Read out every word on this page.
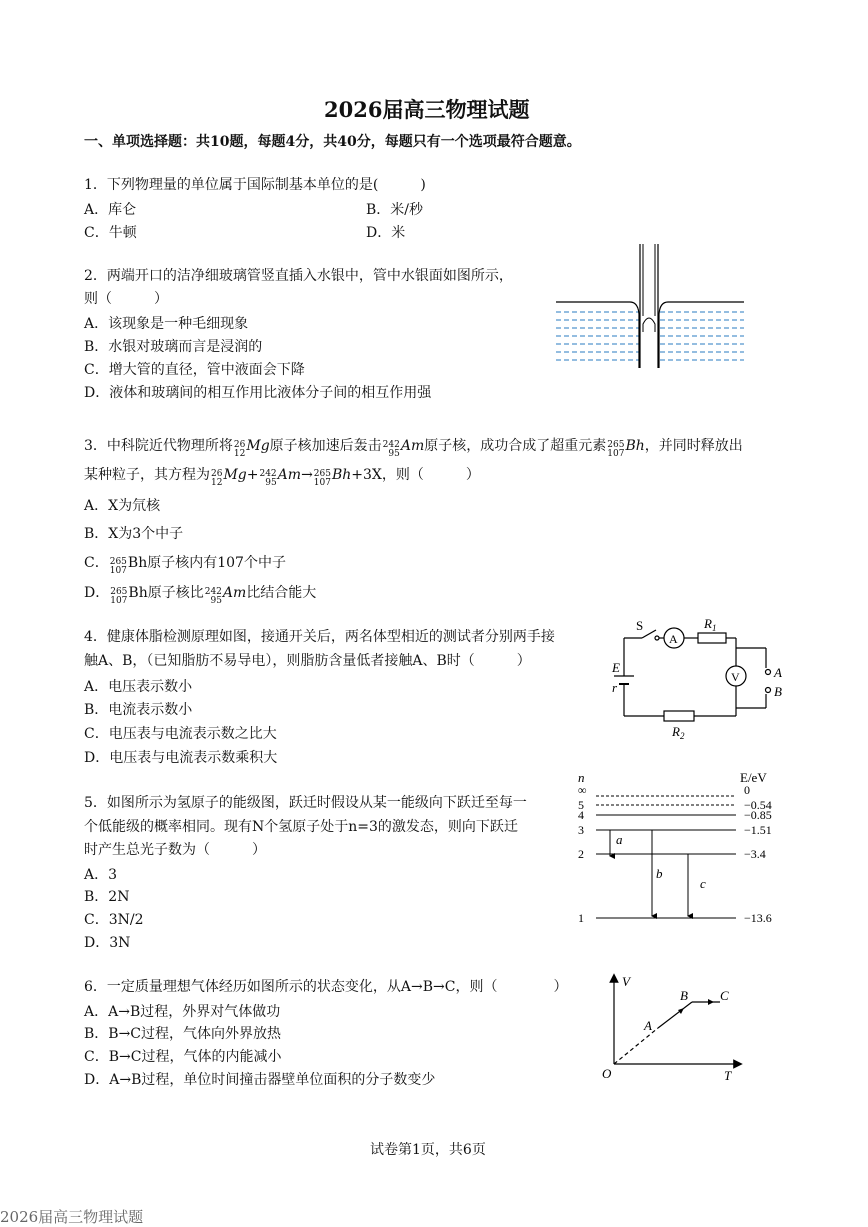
2026届高三物理试题
一、单项选择题：共10题，每题4分，共40分，每题只有一个选项最符合题意。
1．下列物理量的单位属于国际制基本单位的是(　　　)
A．库仑	B．米/秒
C．牛顿	D．米
2．两端开口的洁净细玻璃管竖直插入水银中，管中水银面如图所示，
则（　　　）
A．该现象是一种毛细现象
B．水银对玻璃而言是浸润的
C．增大管的直径，管中液面会下降
D．液体和玻璃间的相互作用比液体分子间的相互作用强
3．中科院近代物理所将 26
12 Mg原子核加速后轰击 242
95 Am原子核，成功合成了超重元素 265
107 Bh，并同时释放出
某种粒子，其方程为 26
12 Mg+ 242
95 Am→ 265
107 Bh+3X，则（　　　）
A．X为氘核
B．X为3个中子
C． 265
107 Bh原子核内有107个中子
D． 265
107 Bh原子核比 242
95 Am比结合能大
4．健康体脂检测原理如图，接通开关后，两名体型相近的测试者分别两手接
触A、B，（已知脂肪不易导电），则脂肪含量低者接触A、B时（　　　）
A．电压表示数小
B．电流表示数小
C．电压表与电流表示数之比大
D．电压表与电流表示数乘积大
S
A
V
$R_1$
$R_2$
E
r
A
B
5．如图所示为氢原子的能级图，跃迁时假设从某一能级向下跃迁至每一
个低能级的概率相同。现有N个氢原子处于n=3的激发态，则向下跃迁
时产生总光子数为（　　　）
A．3
B．2N
C．3N/2
D．3N
n	E/eV
∞	0
5	−0.54
4	−0.85
3	−1.51
2	−3.4
1	−13.6
a
b
c
6．一定质量理想气体经历如图所示的状态变化，从A→B→C，则（　　　　）
A．A→B过程，外界对气体做功
B．B→C过程，气体向外界放热
C．B→C过程，气体的内能减小
D．A→B过程，单位时间撞击器壁单位面积的分子数变少
V
T
O
A
B C
试卷第1页，共6页
2026届高三物理试题
